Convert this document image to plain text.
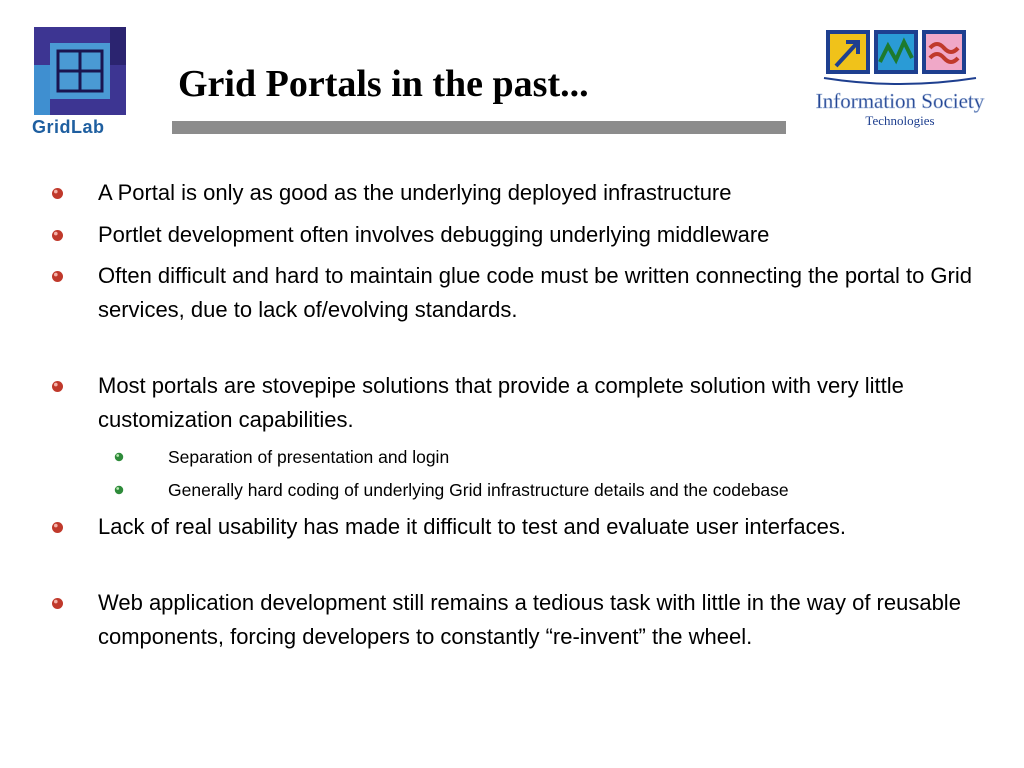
GridLab
Grid Portals in the past...	Information Society
Technologies
A Portal is only as good as the underlying deployed infrastructure
Portlet development often involves debugging underlying middleware
Often difficult and hard to maintain glue code must be written connecting the portal to Grid services, due to lack of/evolving standards.
Most portals are stovepipe solutions that provide a complete solution with very little customization capabilities.
Separation of presentation and login
Generally hard coding of underlying Grid infrastructure details and the codebase
Lack of real usability has made it difficult to test and evaluate user interfaces.
Web application development still remains a tedious task with little in the way of reusable components, forcing developers to constantly “re-invent” the wheel.
